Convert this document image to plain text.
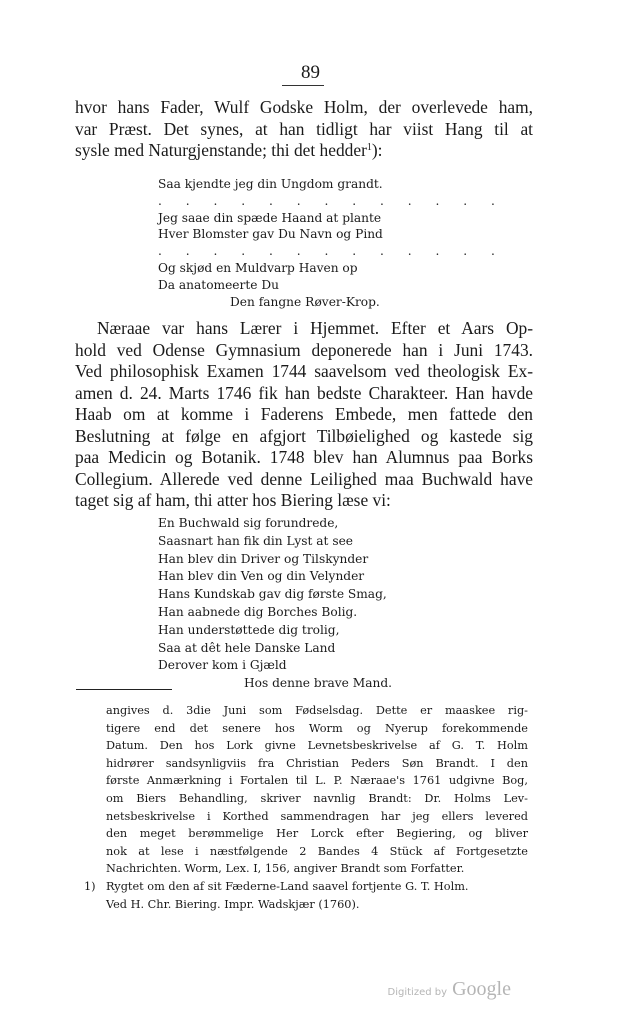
89
hvor hans Fader, Wulf Godske Holm, der overlevede ham,
var Præst. Det synes, at han tidligt har viist Hang til at
sysle med Naturgjenstande; thi det hedder$^1$):
Saa kjendte jeg din Ungdom grandt.
. . . . . . . . . . . . .
Jeg saae din spæde Haand at plante
Hver Blomster gav Du Navn og Pind
. . . . . . . . . . . . .
Og skjød en Muldvarp Haven op
Da anatomeerte Du
Den fangne Røver-Krop.
Næraae var hans Lærer i Hjemmet. Efter et Aars Op-
hold ved Odense Gymnasium deponerede han i Juni 1743.
Ved philosophisk Examen 1744 saavelsom ved theologisk Ex-
amen d. 24. Marts 1746 fik han bedste Charakteer. Han havde
Haab om at komme i Faderens Embede, men fattede den
Beslutning at følge en afgjort Tilbøielighed og kastede sig
paa Medicin og Botanik. 1748 blev han Alumnus paa Borks
Collegium. Allerede ved denne Leilighed maa Buchwald have
taget sig af ham, thi atter hos Biering læse vi:
En Buchwald sig forundrede,
Saasnart han fik din Lyst at see
Han blev din Driver og Tilskynder
Han blev din Ven og din Velynder
Hans Kundskab gav dig første Smag,
Han aabnede dig Borches Bolig.
Han understøttede dig trolig,
Saa at dêt hele Danske Land
Derover kom i Gjæld
Hos denne brave Mand.
angives d. 3die Juni som Fødselsdag. Dette er maaskee rig-
tigere end det senere hos Worm og Nyerup forekommende
Datum. Den hos Lork givne Levnetsbeskrivelse af G. T. Holm
hidrører sandsynligviis fra Christian Peders Søn Brandt. I den
første Anmærkning i Fortalen til L. P. Næraae's 1761 udgivne Bog,
om Biers Behandling, skriver navnlig Brandt: Dr. Holms Lev-
netsbeskrivelse i Korthed sammendragen har jeg ellers levered
den meget berømmelige Her Lorck efter Begiering, og bliver
nok at lese i næstfølgende 2 Bandes 4 Stück af Fortgesetzte
Nachrichten. Worm, Lex. I, 156, angiver Brandt som Forfatter.
1) Rygtet om den af sit Fæderne-Land saavel fortjente G. T. Holm.
Ved H. Chr. Biering. Impr. Wadskjær (1760).
Digitized by Google
